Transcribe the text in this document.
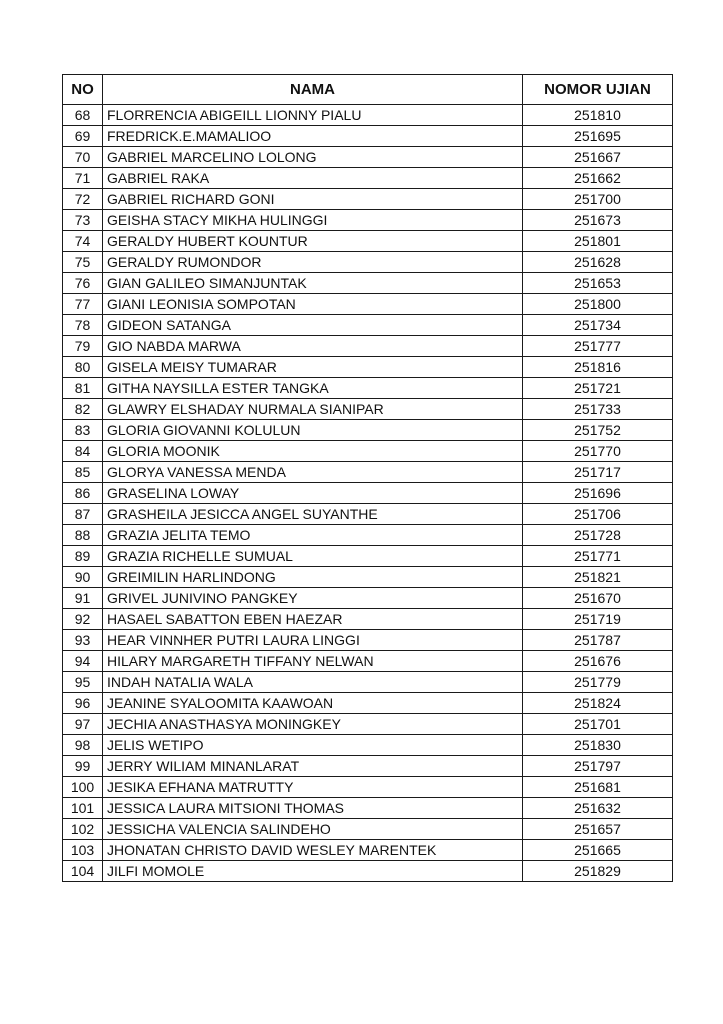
NO	NAMA	NOMOR UJIAN
68	FLORRENCIA ABIGEILL LIONNY PIALU	251810
69	FREDRICK.E.MAMALIOO	251695
70	GABRIEL MARCELINO LOLONG	251667
71	GABRIEL RAKA	251662
72	GABRIEL RICHARD GONI	251700
73	GEISHA STACY MIKHA HULINGGI	251673
74	GERALDY HUBERT KOUNTUR	251801
75	GERALDY RUMONDOR	251628
76	GIAN GALILEO SIMANJUNTAK	251653
77	GIANI LEONISIA SOMPOTAN	251800
78	GIDEON SATANGA	251734
79	GIO NABDA MARWA	251777
80	GISELA MEISY TUMARAR	251816
81	GITHA NAYSILLA ESTER TANGKA	251721
82	GLAWRY ELSHADAY NURMALA SIANIPAR	251733
83	GLORIA GIOVANNI KOLULUN	251752
84	GLORIA MOONIK	251770
85	GLORYA VANESSA MENDA	251717
86	GRASELINA LOWAY	251696
87	GRASHEILA JESICCA ANGEL SUYANTHE	251706
88	GRAZIA JELITA TEMO	251728
89	GRAZIA RICHELLE SUMUAL	251771
90	GREIMILIN HARLINDONG	251821
91	GRIVEL JUNIVINO PANGKEY	251670
92	HASAEL SABATTON EBEN HAEZAR	251719
93	HEAR VINNHER PUTRI LAURA LINGGI	251787
94	HILARY MARGARETH TIFFANY NELWAN	251676
95	INDAH NATALIA WALA	251779
96	JEANINE SYALOOMITA KAAWOAN	251824
97	JECHIA ANASTHASYA MONINGKEY	251701
98	JELIS WETIPO	251830
99	JERRY WILIAM MINANLARAT	251797
100	JESIKA EFHANA MATRUTTY	251681
101	JESSICA LAURA MITSIONI THOMAS	251632
102	JESSICHA VALENCIA SALINDEHO	251657
103	JHONATAN CHRISTO DAVID WESLEY MARENTEK	251665
104	JILFI MOMOLE	251829
